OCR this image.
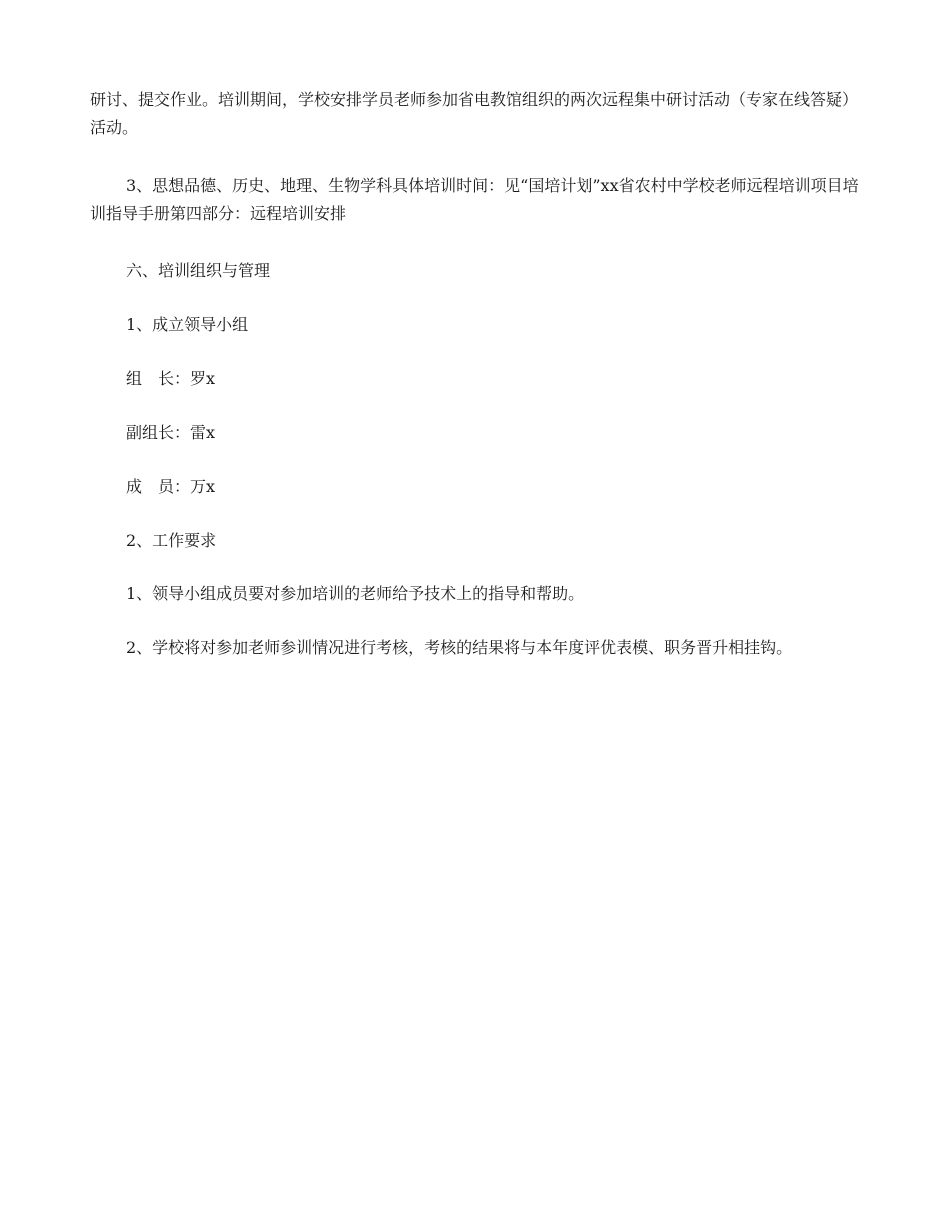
研讨、提交作业。培训期间，学校安排学员老师参加省电教馆组织的两次远程集中研讨活动（专家在线答疑）活动。

3、思想品德、历史、地理、生物学科具体培训时间：见“国培计划”xx省农村中学校老师远程培训项目培训指导手册第四部分：远程培训安排

六、培训组织与管理

1、成立领导小组

组　长：罗x

副组长：雷x

成　员：万x

2、工作要求

1、领导小组成员要对参加培训的老师给予技术上的指导和帮助。

2、学校将对参加老师参训情况进行考核，考核的结果将与本年度评优表模、职务晋升相挂钩。
